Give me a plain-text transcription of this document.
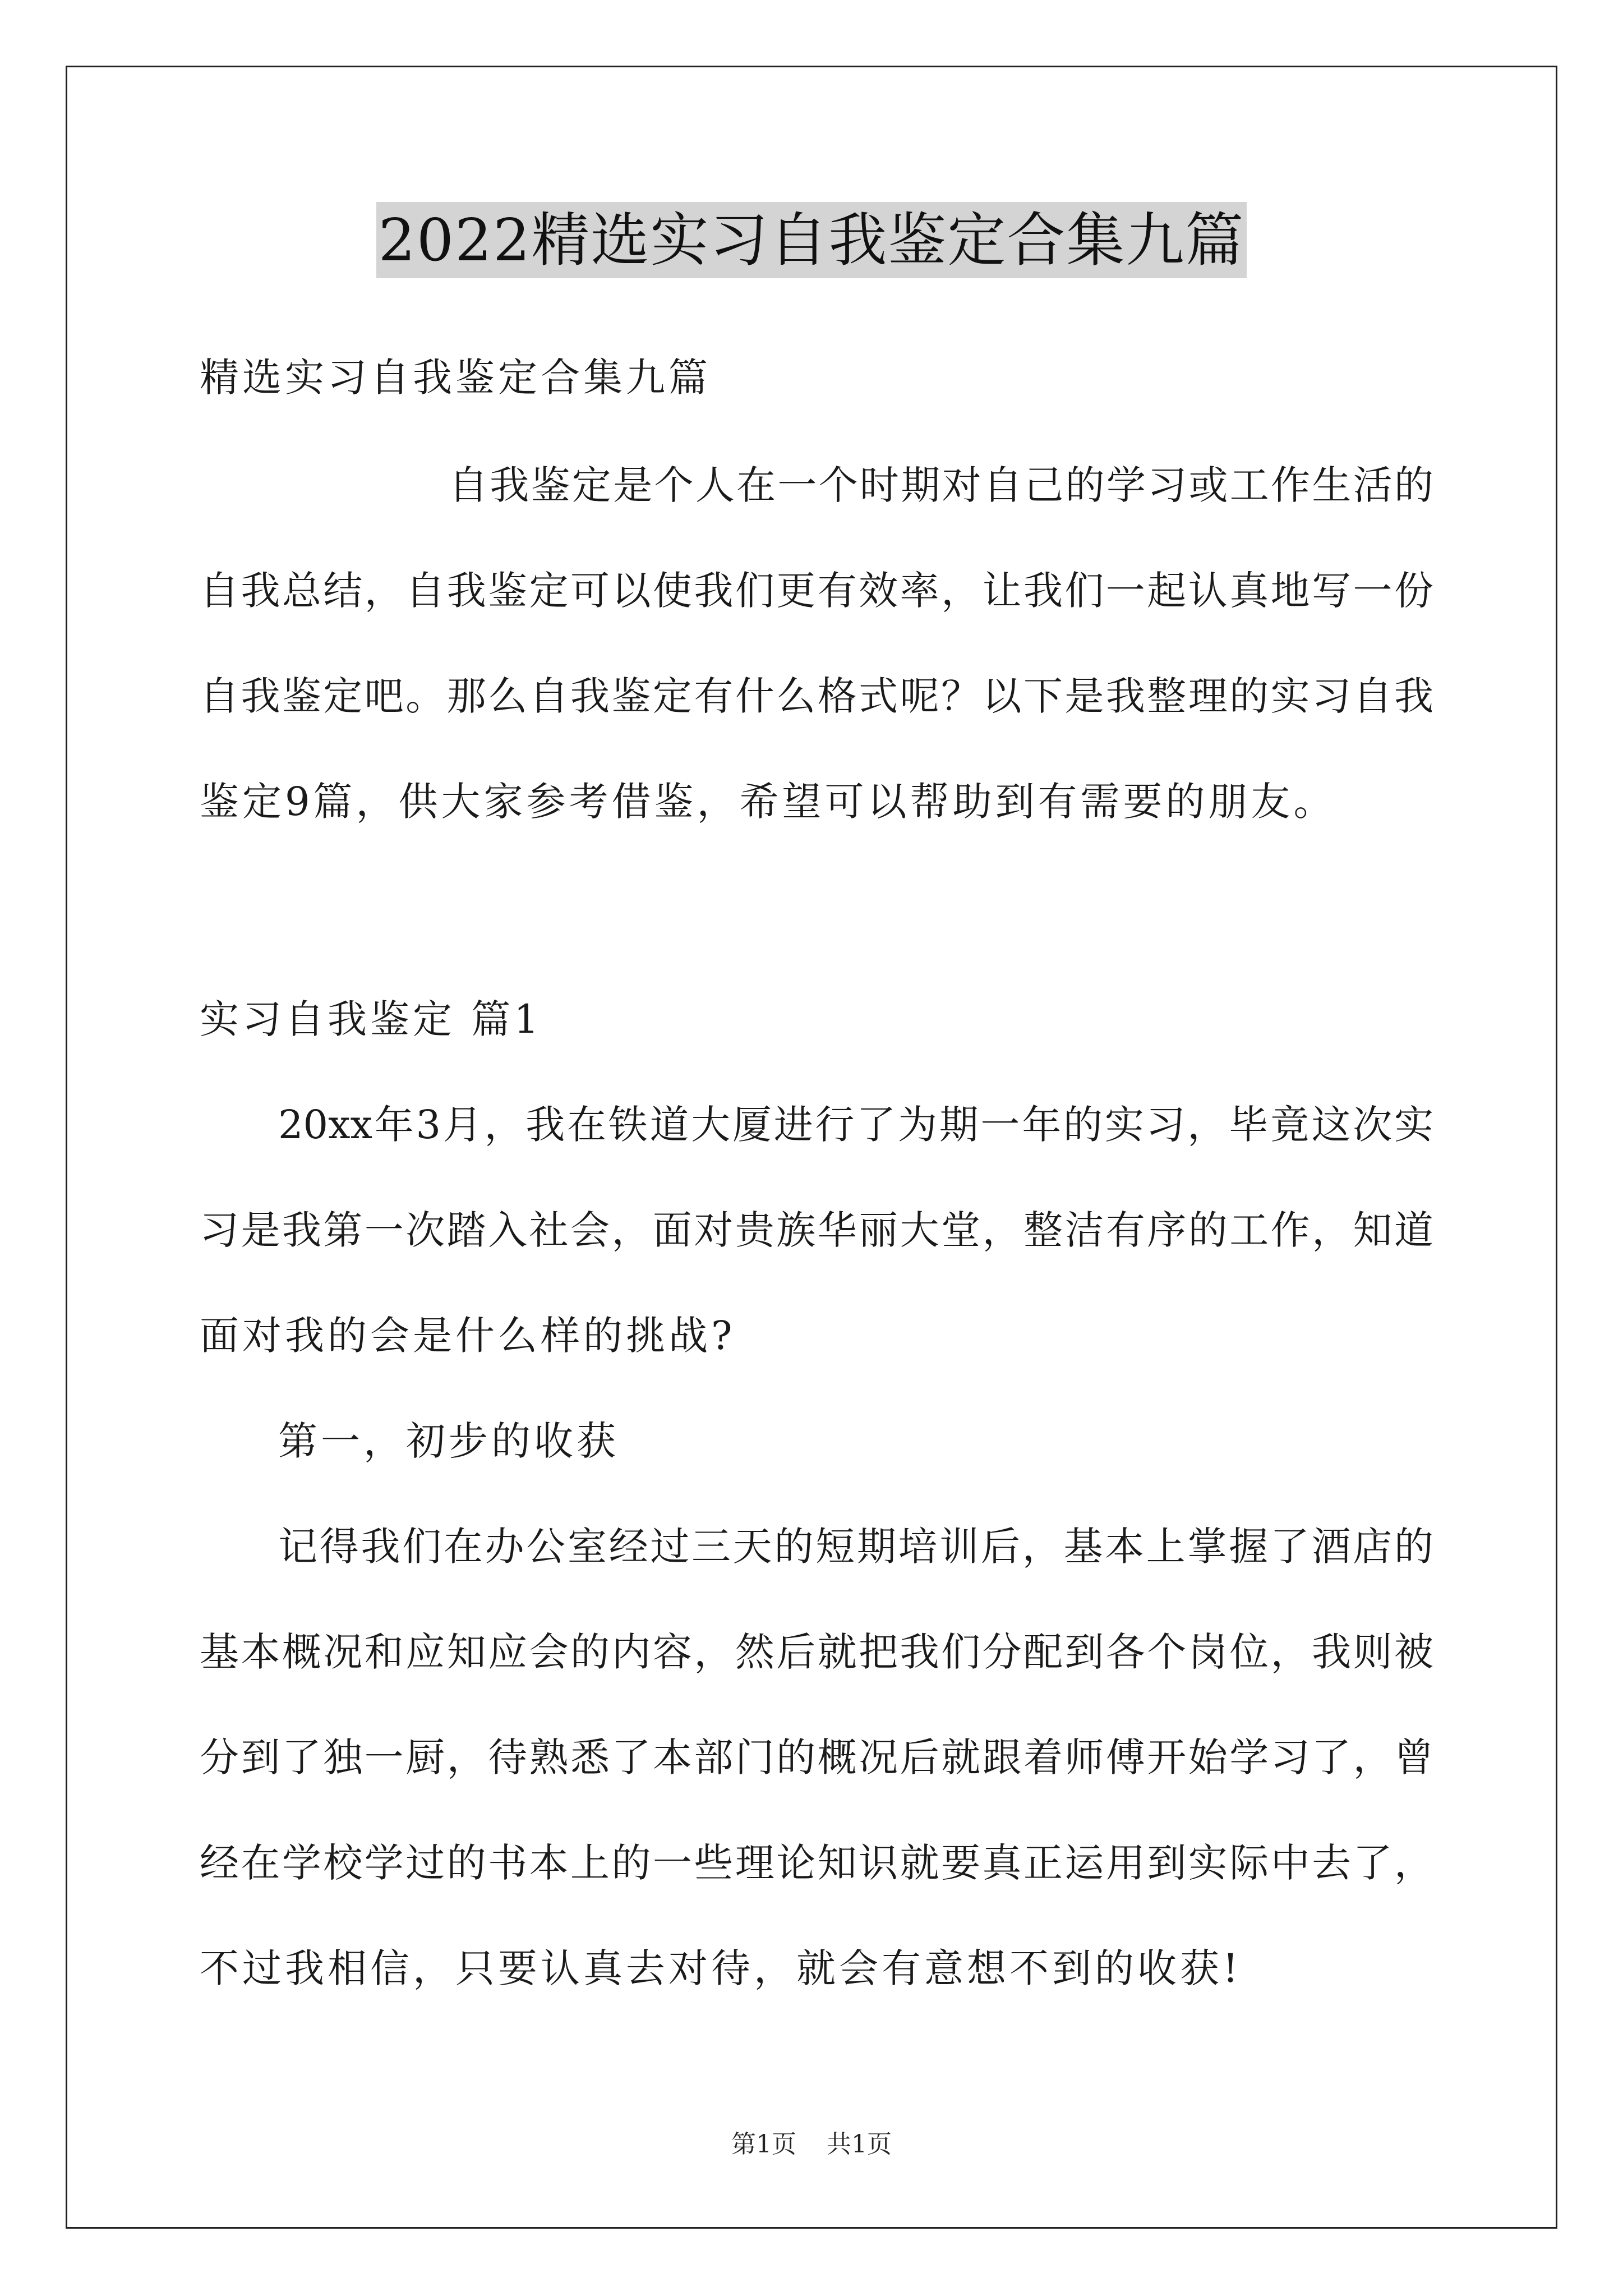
2022精选实习自我鉴定合集九篇
精选实习自我鉴定合集九篇
自我鉴定是个人在一个时期对自己的学习或工作生活的
自我总结，自我鉴定可以使我们更有效率，让我们一起认真地写一份
自我鉴定吧。那么自我鉴定有什么格式呢？以下是我整理的实习自我
鉴定9篇，供大家参考借鉴，希望可以帮助到有需要的朋友。
实习自我鉴定 篇1
20xx年3月，我在铁道大厦进行了为期一年的实习，毕竟这次实
习是我第一次踏入社会，面对贵族华丽大堂，整洁有序的工作，知道
面对我的会是什么样的挑战?
第一，初步的收获
记得我们在办公室经过三天的短期培训后，基本上掌握了酒店的
基本概况和应知应会的内容，然后就把我们分配到各个岗位，我则被
分到了独一厨，待熟悉了本部门的概况后就跟着师傅开始学习了，曾
经在学校学过的书本上的一些理论知识就要真正运用到实际中去了，
不过我相信，只要认真去对待，就会有意想不到的收获!
第1页 共1页
